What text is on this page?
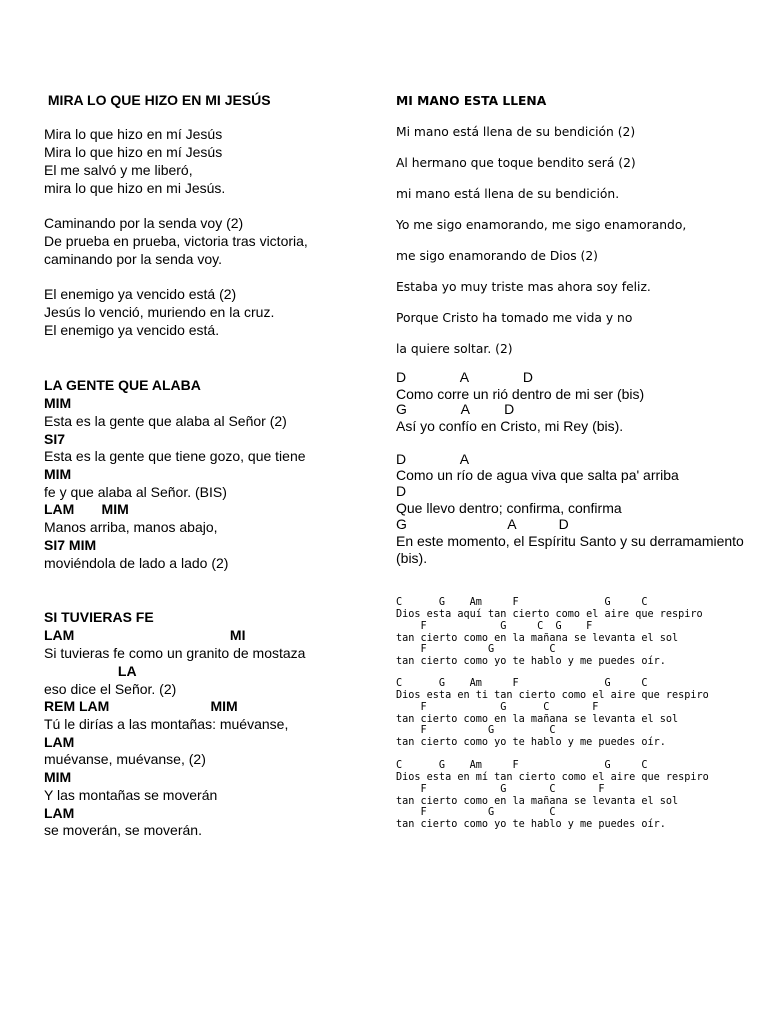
MIRA LO QUE HIZO EN MI JESÚS
Mira lo que hizo en mí Jesús
Mira lo que hizo en mí Jesús
El me salvó y me liberó,
mira lo que hizo en mi Jesús.
Caminando por la senda voy (2)
De prueba en prueba, victoria tras victoria,
caminando por la senda voy.
El enemigo ya vencido está (2)
Jesús lo venció, muriendo en la cruz.
El enemigo ya vencido está.
LA GENTE QUE ALABA
MIM
Esta es la gente que alaba al Señor (2)
SI7
Esta es la gente que tiene gozo, que tiene
MIM
fe y que alaba al Señor. (BIS)
LAM       MIM
Manos arriba, manos abajo,
SI7 MIM
moviéndola de lado a lado (2)
SI TUVIERAS FE
LAM                                        MI
Si tuvieras fe como un granito de mostaza
LA
eso dice el Señor. (2)
REM LAM                          MIM
Tú le dirías a las montañas: muévanse,
LAM
muévanse, muévanse, (2)
MIM
Y las montañas se moverán
LAM
se moverán, se moverán.
MI MANO ESTA LLENA
Mi mano está llena de su bendición (2)
Al hermano que toque bendito será (2)
mi mano está llena de su bendición.
Yo me sigo enamorando, me sigo enamorando,
me sigo enamorando de Dios (2)
Estaba yo muy triste mas ahora soy feliz.
Porque Cristo ha tomado me vida y no
la quiere soltar. (2)
D              A              D
Como corre un rió dentro de mi ser (bis)
G              A         D
Así yo confío en Cristo, mi Rey (bis).
D              A
Como un río de agua viva que salta pa' arriba
D
Que llevo dentro; confirma, confirma
G                          A           D
En este momento, el Espíritu Santo y su derramamiento
(bis).
C      G    Am     F              G     C
Dios esta aquí tan cierto como el aire que respiro
F            G     C  G    F
tan cierto como en la mañana se levanta el sol
F          G         C
tan cierto como yo te hablo y me puedes oír.
C      G    Am     F              G     C
Dios esta en ti tan cierto como el aire que respiro
F            G      C       F
tan cierto como en la mañana se levanta el sol
F          G         C
tan cierto como yo te hablo y me puedes oír.
C      G    Am     F              G     C
Dios esta en mí tan cierto como el aire que respiro
F            G       C       F
tan cierto como en la mañana se levanta el sol
F          G         C
tan cierto como yo te hablo y me puedes oír.
